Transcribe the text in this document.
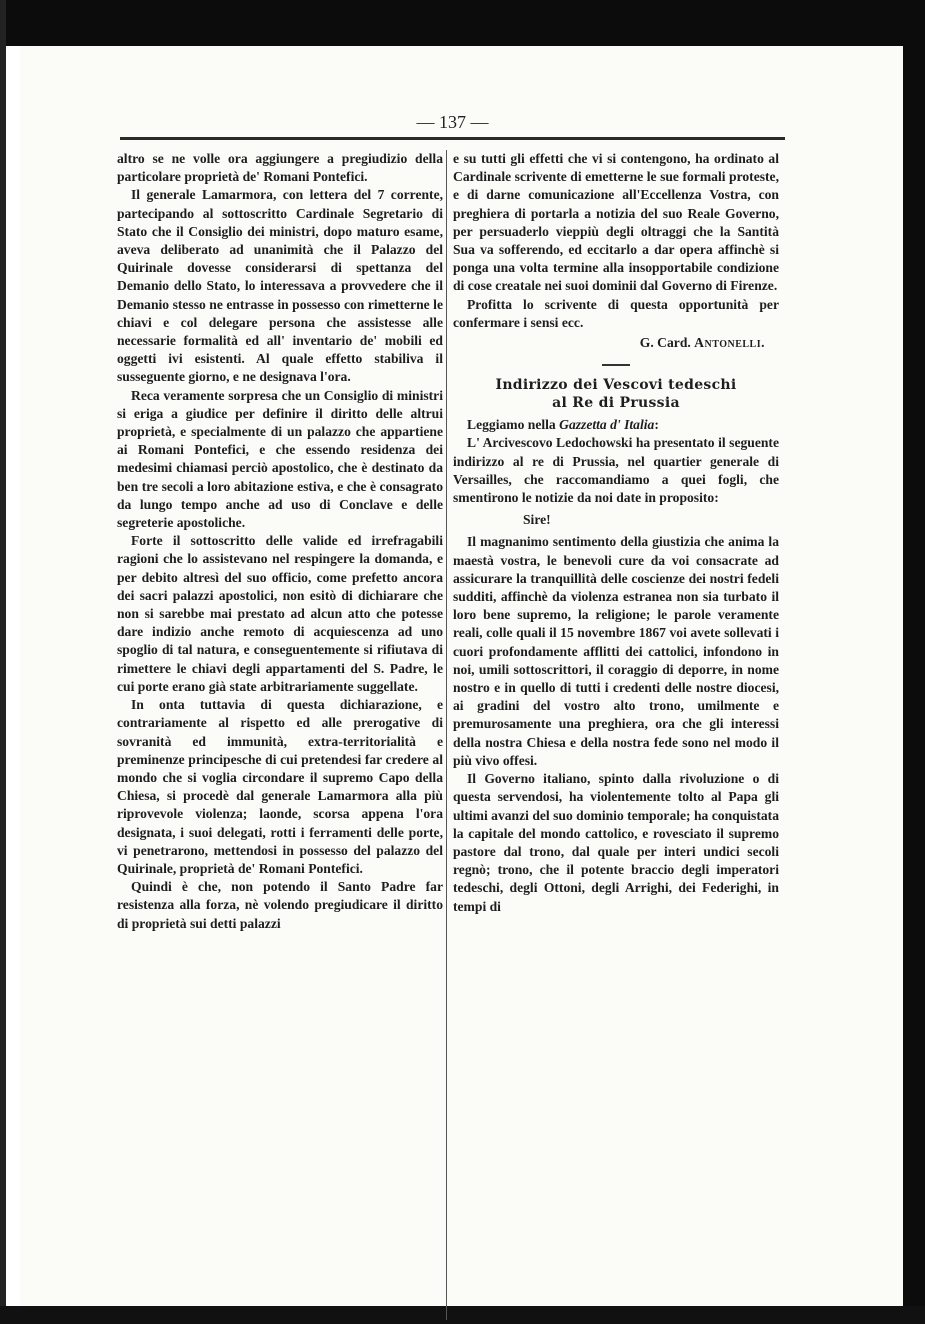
— 137 —

altro se ne volle ora aggiungere a pregiudizio della particolare proprietà de' Romani Pontefici.

Il generale Lamarmora, con lettera del 7 corrente, partecipando al sottoscritto Cardinale Segretario di Stato che il Consiglio dei ministri, dopo maturo esame, aveva deliberato ad unanimità che il Palazzo del Quirinale dovesse considerarsi di spettanza del Demanio dello Stato, lo interessava a provvedere che il Demanio stesso ne entrasse in possesso con rimetterne le chiavi e col delegare persona che assistesse alle necessarie formalità ed all' inventario de' mobili ed oggetti ivi esistenti. Al quale effetto stabiliva il susseguente giorno, e ne designava l'ora.

Reca veramente sorpresa che un Consiglio di ministri si eriga a giudice per definire il diritto delle altrui proprietà, e specialmente di un palazzo che appartiene ai Romani Pontefici, e che essendo residenza dei medesimi chiamasi perciò apostolico, che è destinato da ben tre secoli a loro abitazione estiva, e che è consagrato da lungo tempo anche ad uso di Conclave e delle segreterie apostoliche.

Forte il sottoscritto delle valide ed irrefragabili ragioni che lo assistevano nel respingere la domanda, e per debito altresì del suo officio, come prefetto ancora dei sacri palazzi apostolici, non esitò di dichiarare che non si sarebbe mai prestato ad alcun atto che potesse dare indizio anche remoto di acquiescenza ad uno spoglio di tal natura, e conseguentemente si rifiutava di rimettere le chiavi degli appartamenti del S. Padre, le cui porte erano già state arbitrariamente suggellate.

In onta tuttavia di questa dichiarazione, e contrariamente al rispetto ed alle prerogative di sovranità ed immunità, extra-territorialità e preminenze principesche di cui pretendesi far credere al mondo che si voglia circondare il supremo Capo della Chiesa, si procedè dal generale Lamarmora alla più riprovevole violenza; laonde, scorsa appena l'ora designata, i suoi delegati, rotti i ferramenti delle porte, vi penetrarono, mettendosi in possesso del palazzo del Quirinale, proprietà de' Romani Pontefici.

Quindi è che, non potendo il Santo Padre far resistenza alla forza, nè volendo pregiudicare il diritto di proprietà sui detti palazzi

e su tutti gli effetti che vi si contengono, ha ordinato al Cardinale scrivente di emetterne le sue formali proteste, e di darne comunicazione all'Eccellenza Vostra, con preghiera di portarla a notizia del suo Reale Governo, per persuaderlo vieppiù degli oltraggi che la Santità Sua va sofferendo, ed eccitarlo a dar opera affinchè si ponga una volta termine alla insopportabile condizione di cose creatale nei suoi dominii dal Governo di Firenze.

Profitta lo scrivente di questa opportunità per confermare i sensi ecc.

G. Card. Antonelli.
Indirizzo dei Vescovi tedeschi
al Re di Prussia

Leggiamo nella Gazzetta d' Italia:

L' Arcivescovo Ledochowski ha presentato il seguente indirizzo al re di Prussia, nel quartier generale di Versailles, che raccomandiamo a quei fogli, che smentirono le notizie da noi date in proposito:

Sire!

Il magnanimo sentimento della giustizia che anima la maestà vostra, le benevoli cure da voi consacrate ad assicurare la tranquillità delle coscienze dei nostri fedeli sudditi, affinchè da violenza estranea non sia turbato il loro bene supremo, la religione; le parole veramente reali, colle quali il 15 novembre 1867 voi avete sollevati i cuori profondamente afflitti dei cattolici, infondono in noi, umili sottoscrittori, il coraggio di deporre, in nome nostro e in quello di tutti i credenti delle nostre diocesi, ai gradini del vostro alto trono, umilmente e premurosamente una preghiera, ora che gli interessi della nostra Chiesa e della nostra fede sono nel modo il più vivo offesi.

Il Governo italiano, spinto dalla rivoluzione o di questa servendosi, ha violentemente tolto al Papa gli ultimi avanzi del suo dominio temporale; ha conquistata la capitale del mondo cattolico, e rovesciato il supremo pastore dal trono, dal quale per interi undici secoli regnò; trono, che il potente braccio degli imperatori tedeschi, degli Ottoni, degli Arrighi, dei Federighi, in tempi di
